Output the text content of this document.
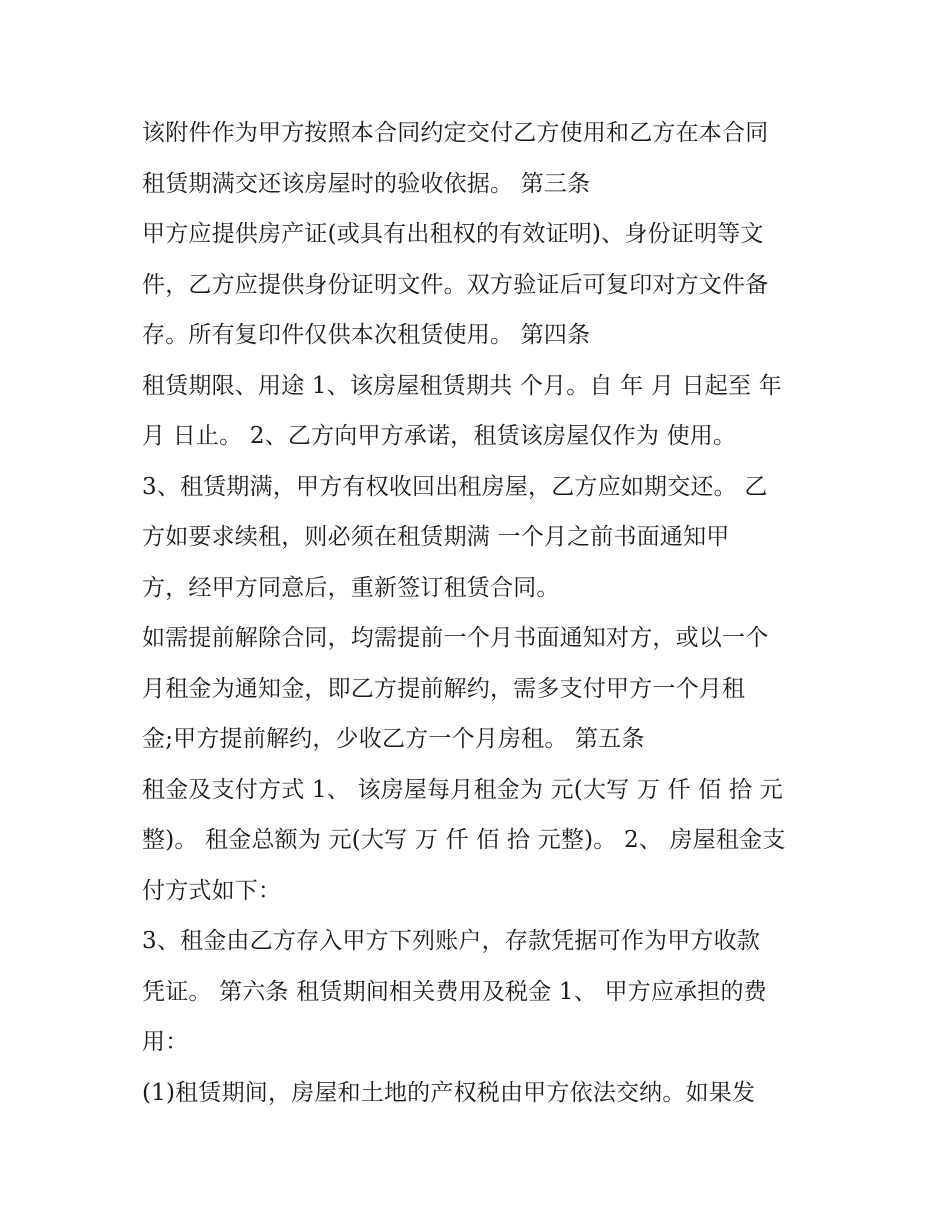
该附件作为甲方按照本合同约定交付乙方使用和乙方在本合同
租赁期满交还该房屋时的验收依据。 第三条
甲方应提供房产证(或具有出租权的有效证明)、身份证明等文
件，乙方应提供身份证明文件。双方验证后可复印对方文件备
存。所有复印件仅供本次租赁使用。 第四条
租赁期限、用途 1、该房屋租赁期共 个月。自 年 月 日起至 年
月 日止。 2、乙方向甲方承诺，租赁该房屋仅作为 使用。
3、租赁期满，甲方有权收回出租房屋，乙方应如期交还。 乙
方如要求续租，则必须在租赁期满 一个月之前书面通知甲
方，经甲方同意后，重新签订租赁合同。
如需提前解除合同，均需提前一个月书面通知对方，或以一个
月租金为通知金，即乙方提前解约，需多支付甲方一个月租
金;甲方提前解约，少收乙方一个月房租。 第五条
租金及支付方式 1、 该房屋每月租金为 元(大写 万 仟 佰 拾 元
整)。 租金总额为 元(大写 万 仟 佰 拾 元整)。 2、 房屋租金支
付方式如下：
3、租金由乙方存入甲方下列账户，存款凭据可作为甲方收款
凭证。 第六条 租赁期间相关费用及税金 1、 甲方应承担的费
用：
(1)租赁期间，房屋和土地的产权税由甲方依法交纳。如果发
